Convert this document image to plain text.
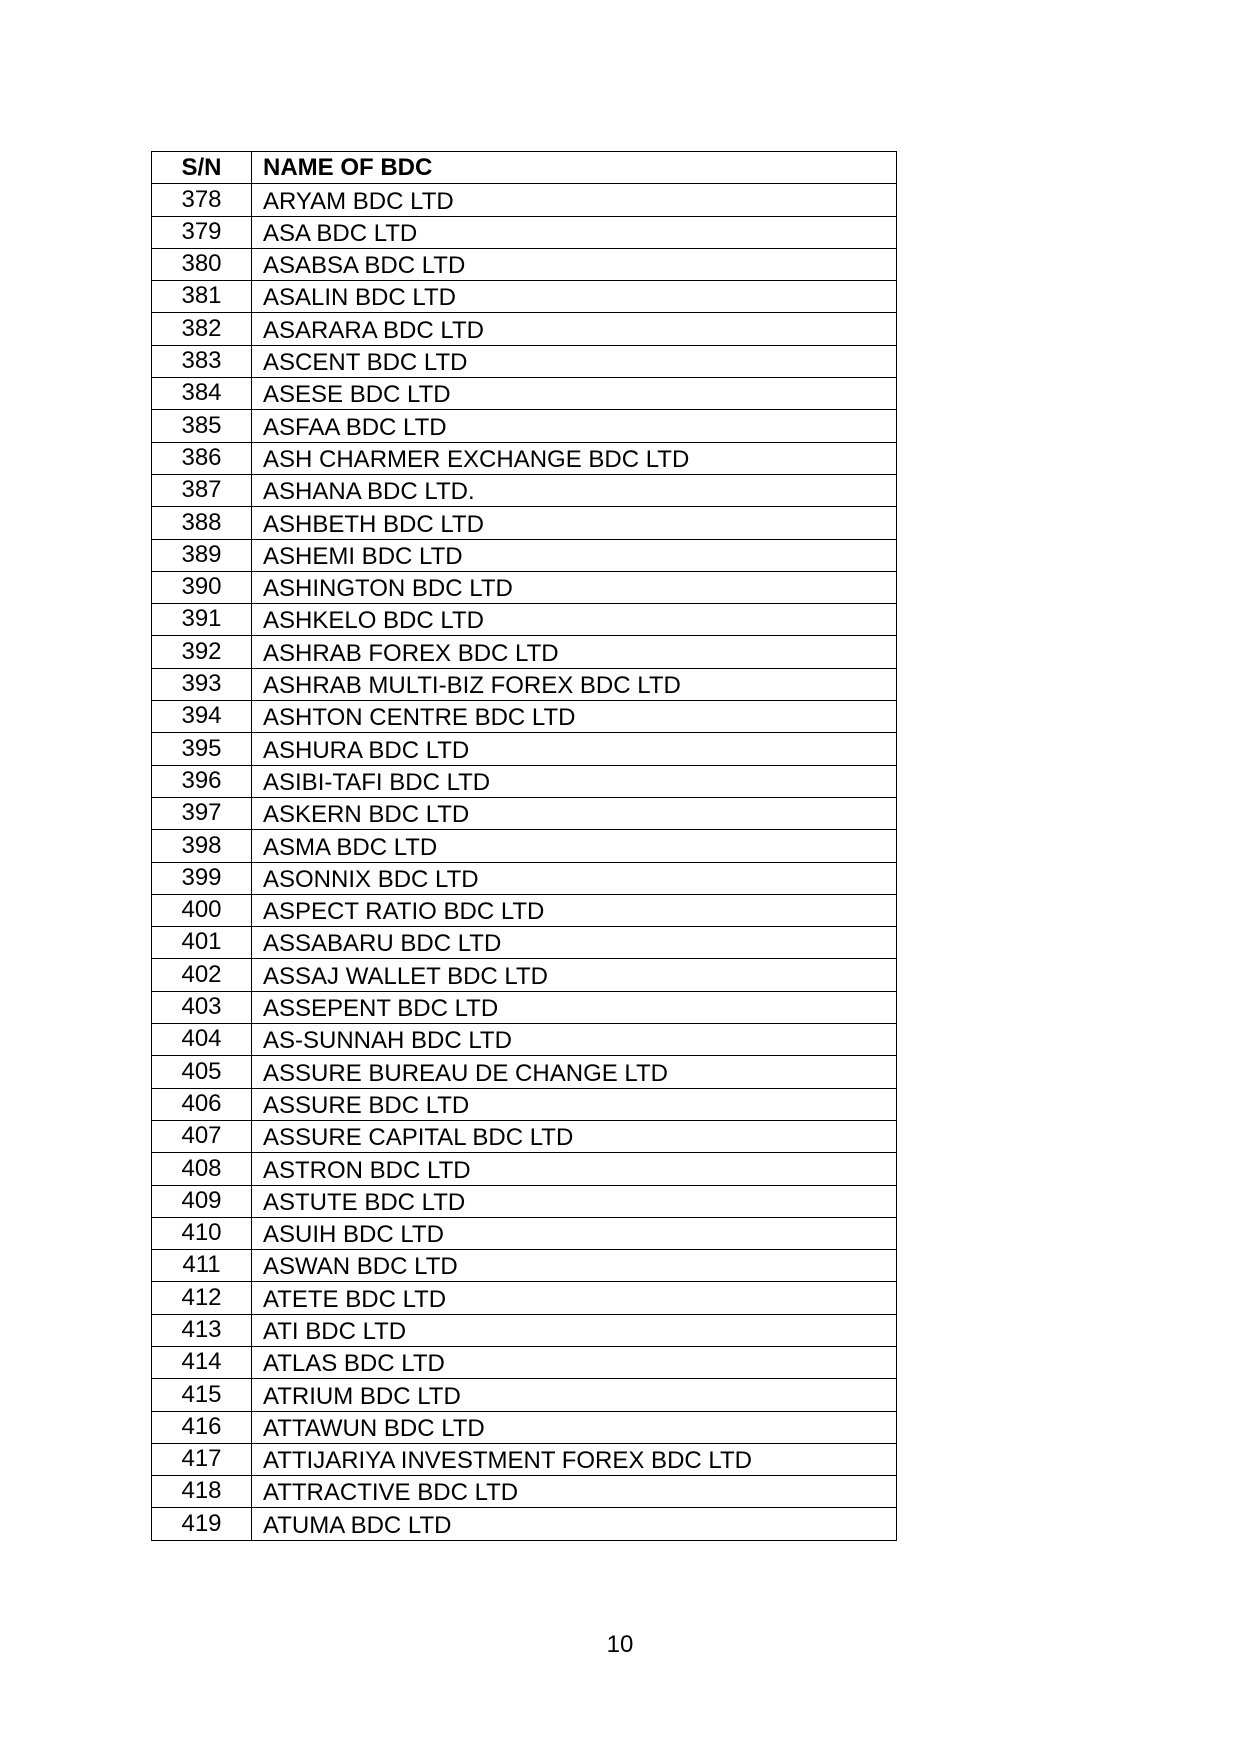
S/N	NAME OF BDC
378	ARYAM BDC LTD
379	ASA BDC LTD
380	ASABSA BDC LTD
381	ASALIN BDC LTD
382	ASARARA BDC LTD
383	ASCENT BDC LTD
384	ASESE BDC LTD
385	ASFAA BDC LTD
386	ASH CHARMER EXCHANGE BDC LTD
387	ASHANA BDC LTD.
388	ASHBETH BDC LTD
389	ASHEMI BDC LTD
390	ASHINGTON BDC LTD
391	ASHKELO BDC LTD
392	ASHRAB FOREX BDC LTD
393	ASHRAB MULTI-BIZ FOREX BDC LTD
394	ASHTON CENTRE BDC LTD
395	ASHURA BDC LTD
396	ASIBI-TAFI BDC LTD
397	ASKERN BDC LTD
398	ASMA BDC LTD
399	ASONNIX BDC LTD
400	ASPECT RATIO BDC LTD
401	ASSABARU BDC LTD
402	ASSAJ WALLET BDC LTD
403	ASSEPENT BDC LTD
404	AS-SUNNAH BDC LTD
405	ASSURE BUREAU DE CHANGE LTD
406	ASSURE BDC LTD
407	ASSURE CAPITAL BDC LTD
408	ASTRON BDC LTD
409	ASTUTE BDC LTD
410	ASUIH BDC LTD
411	ASWAN BDC LTD
412	ATETE BDC LTD
413	ATI BDC LTD
414	ATLAS BDC LTD
415	ATRIUM BDC LTD
416	ATTAWUN BDC LTD
417	ATTIJARIYA INVESTMENT FOREX BDC LTD
418	ATTRACTIVE BDC LTD
419	ATUMA BDC LTD
10
